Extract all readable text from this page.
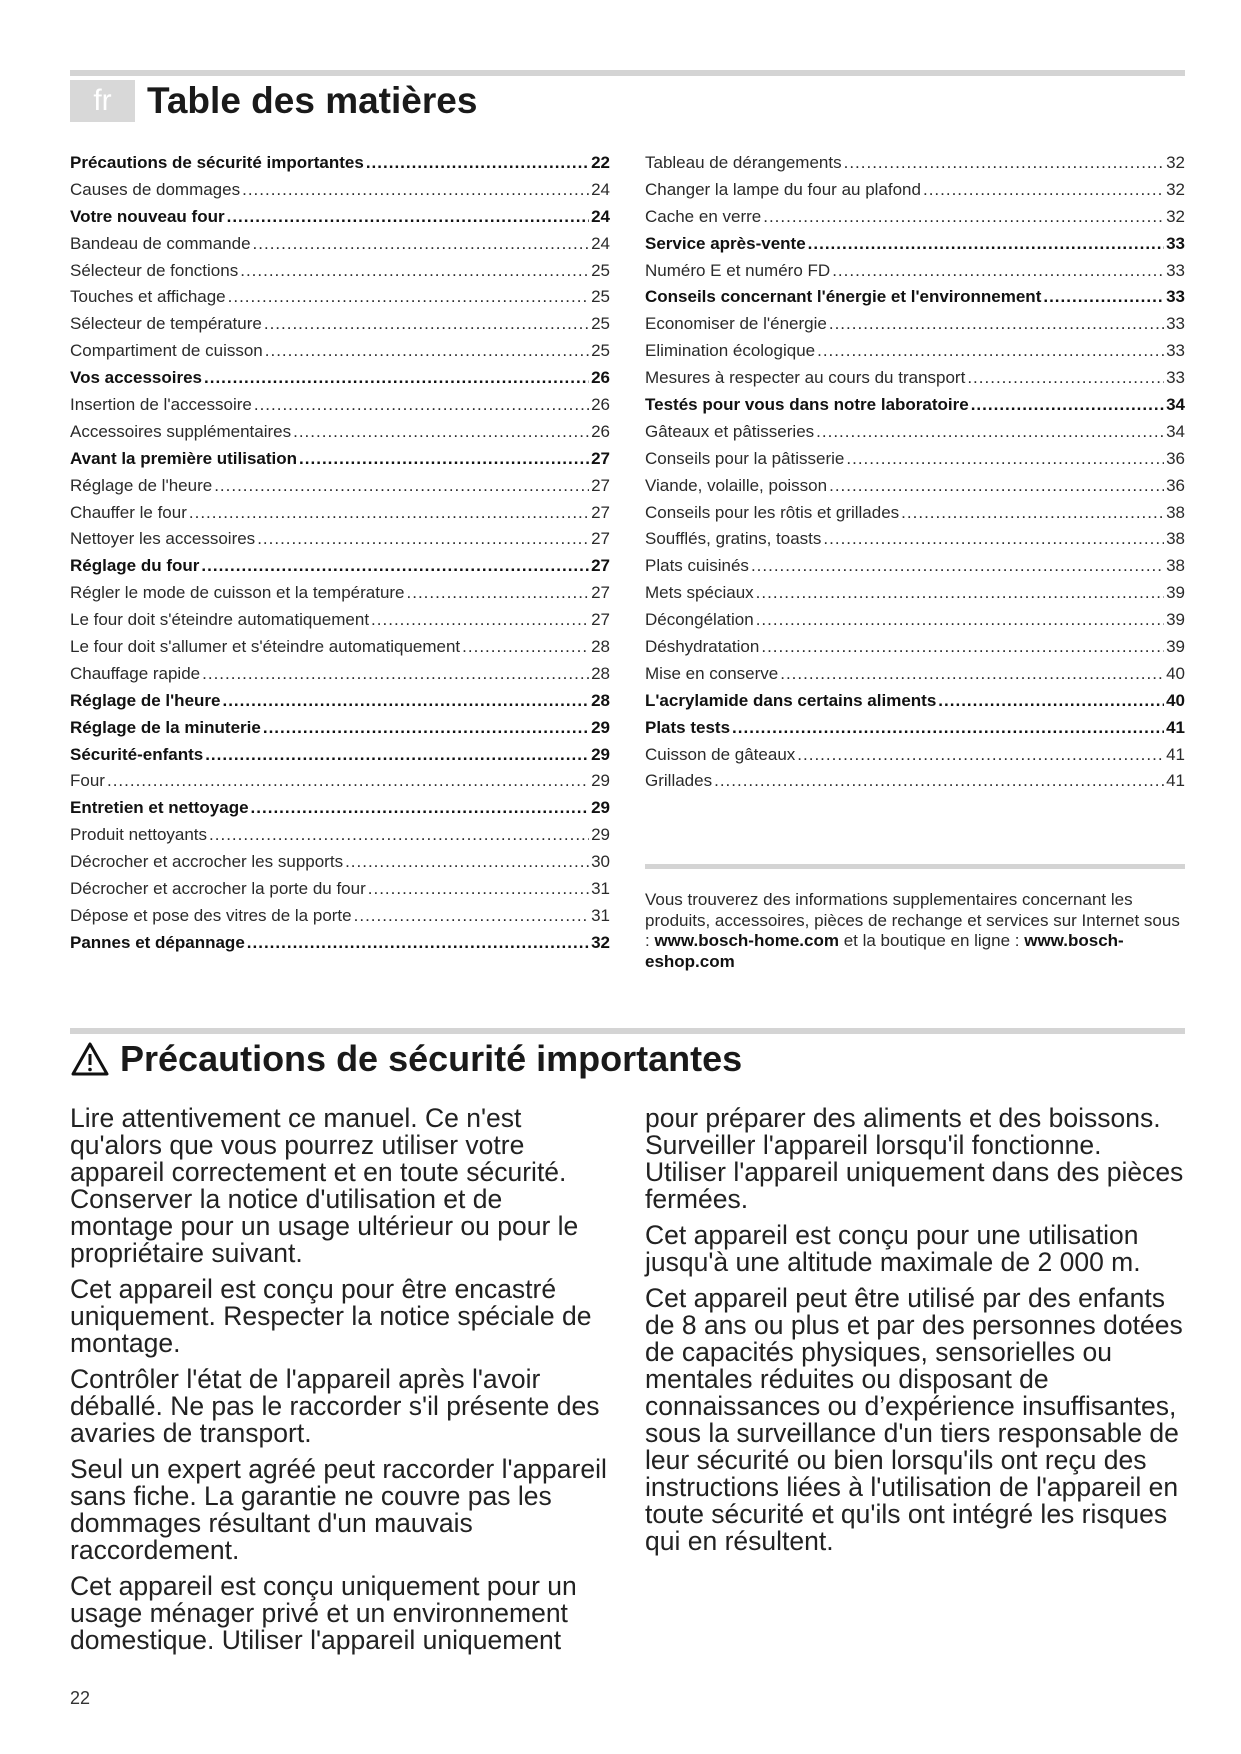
fr Table des matières
Précautions de sécurité importantes .....	22
Causes de dommages .....	24
Votre nouveau four .....	24
Bandeau de commande .....	24
Sélecteur de fonctions .....	25
Touches et affichage .....	25
Sélecteur de température .....	25
Compartiment de cuisson .....	25
Vos accessoires .....	26
Insertion de l'accessoire .....	26
Accessoires supplémentaires .....	26
Avant la première utilisation .....	27
Réglage de l'heure .....	27
Chauffer le four .....	27
Nettoyer les accessoires .....	27
Réglage du four .....	27
Régler le mode de cuisson et la température .....	27
Le four doit s'éteindre automatiquement .....	27
Le four doit s'allumer et s'éteindre automatiquement .....	28
Chauffage rapide .....	28
Réglage de l'heure .....	28
Réglage de la minuterie .....	29
Sécurité-enfants .....	29
Four .....	29
Entretien et nettoyage .....	29
Produit nettoyants .....	29
Décrocher et accrocher les supports .....	30
Décrocher et accrocher la porte du four .....	31
Dépose et pose des vitres de la porte .....	31
Pannes et dépannage .....	32
Tableau de dérangements .....	32
Changer la lampe du four au plafond .....	32
Cache en verre .....	32
Service après-vente .....	33
Numéro E et numéro FD .....	33
Conseils concernant l'énergie et l'environnement .....	33
Economiser de l'énergie .....	33
Elimination écologique .....	33
Mesures à respecter au cours du transport .....	33
Testés pour vous dans notre laboratoire .....	34
Gâteaux et pâtisseries .....	34
Conseils pour la pâtisserie .....	36
Viande, volaille, poisson .....	36
Conseils pour les rôtis et grillades .....	38
Soufflés, gratins, toasts .....	38
Plats cuisinés .....	38
Mets spéciaux .....	39
Décongélation .....	39
Déshydratation .....	39
Mise en conserve .....	40
L'acrylamide dans certains aliments .....	40
Plats tests .....	41
Cuisson de gâteaux .....	41
Grillades .....	41

Vous trouverez des informations supplementaires concernant les produits, accessoires, pièces de rechange et services sur Internet sous : www.bosch-home.com et la boutique en ligne : www.bosch-eshop.com

Précautions de sécurité importantes

Lire attentivement ce manuel. Ce n'est qu'alors que vous pourrez utiliser votre appareil correctement et en toute sécurité. Conserver la notice d'utilisation et de montage pour un usage ultérieur ou pour le propriétaire suivant.

Cet appareil est conçu pour être encastré uniquement. Respecter la notice spéciale de montage.

Contrôler l'état de l'appareil après l'avoir déballé. Ne pas le raccorder s'il présente des avaries de transport.

Seul un expert agréé peut raccorder l'appareil sans fiche. La garantie ne couvre pas les dommages résultant d'un mauvais raccordement.

Cet appareil est conçu uniquement pour un usage ménager privé et un environnement domestique. Utiliser l'appareil uniquement

pour préparer des aliments et des boissons. Surveiller l'appareil lorsqu'il fonctionne. Utiliser l'appareil uniquement dans des pièces fermées.

Cet appareil est conçu pour une utilisation jusqu'à une altitude maximale de 2 000 m.

Cet appareil peut être utilisé par des enfants de 8 ans ou plus et par des personnes dotées de capacités physiques, sensorielles ou mentales réduites ou disposant de connaissances ou d’expérience insuffisantes, sous la surveillance d'un tiers responsable de leur sécurité ou bien lorsqu'ils ont reçu des instructions liées à l'utilisation de l'appareil en toute sécurité et qu'ils ont intégré les risques qui en résultent.

22
